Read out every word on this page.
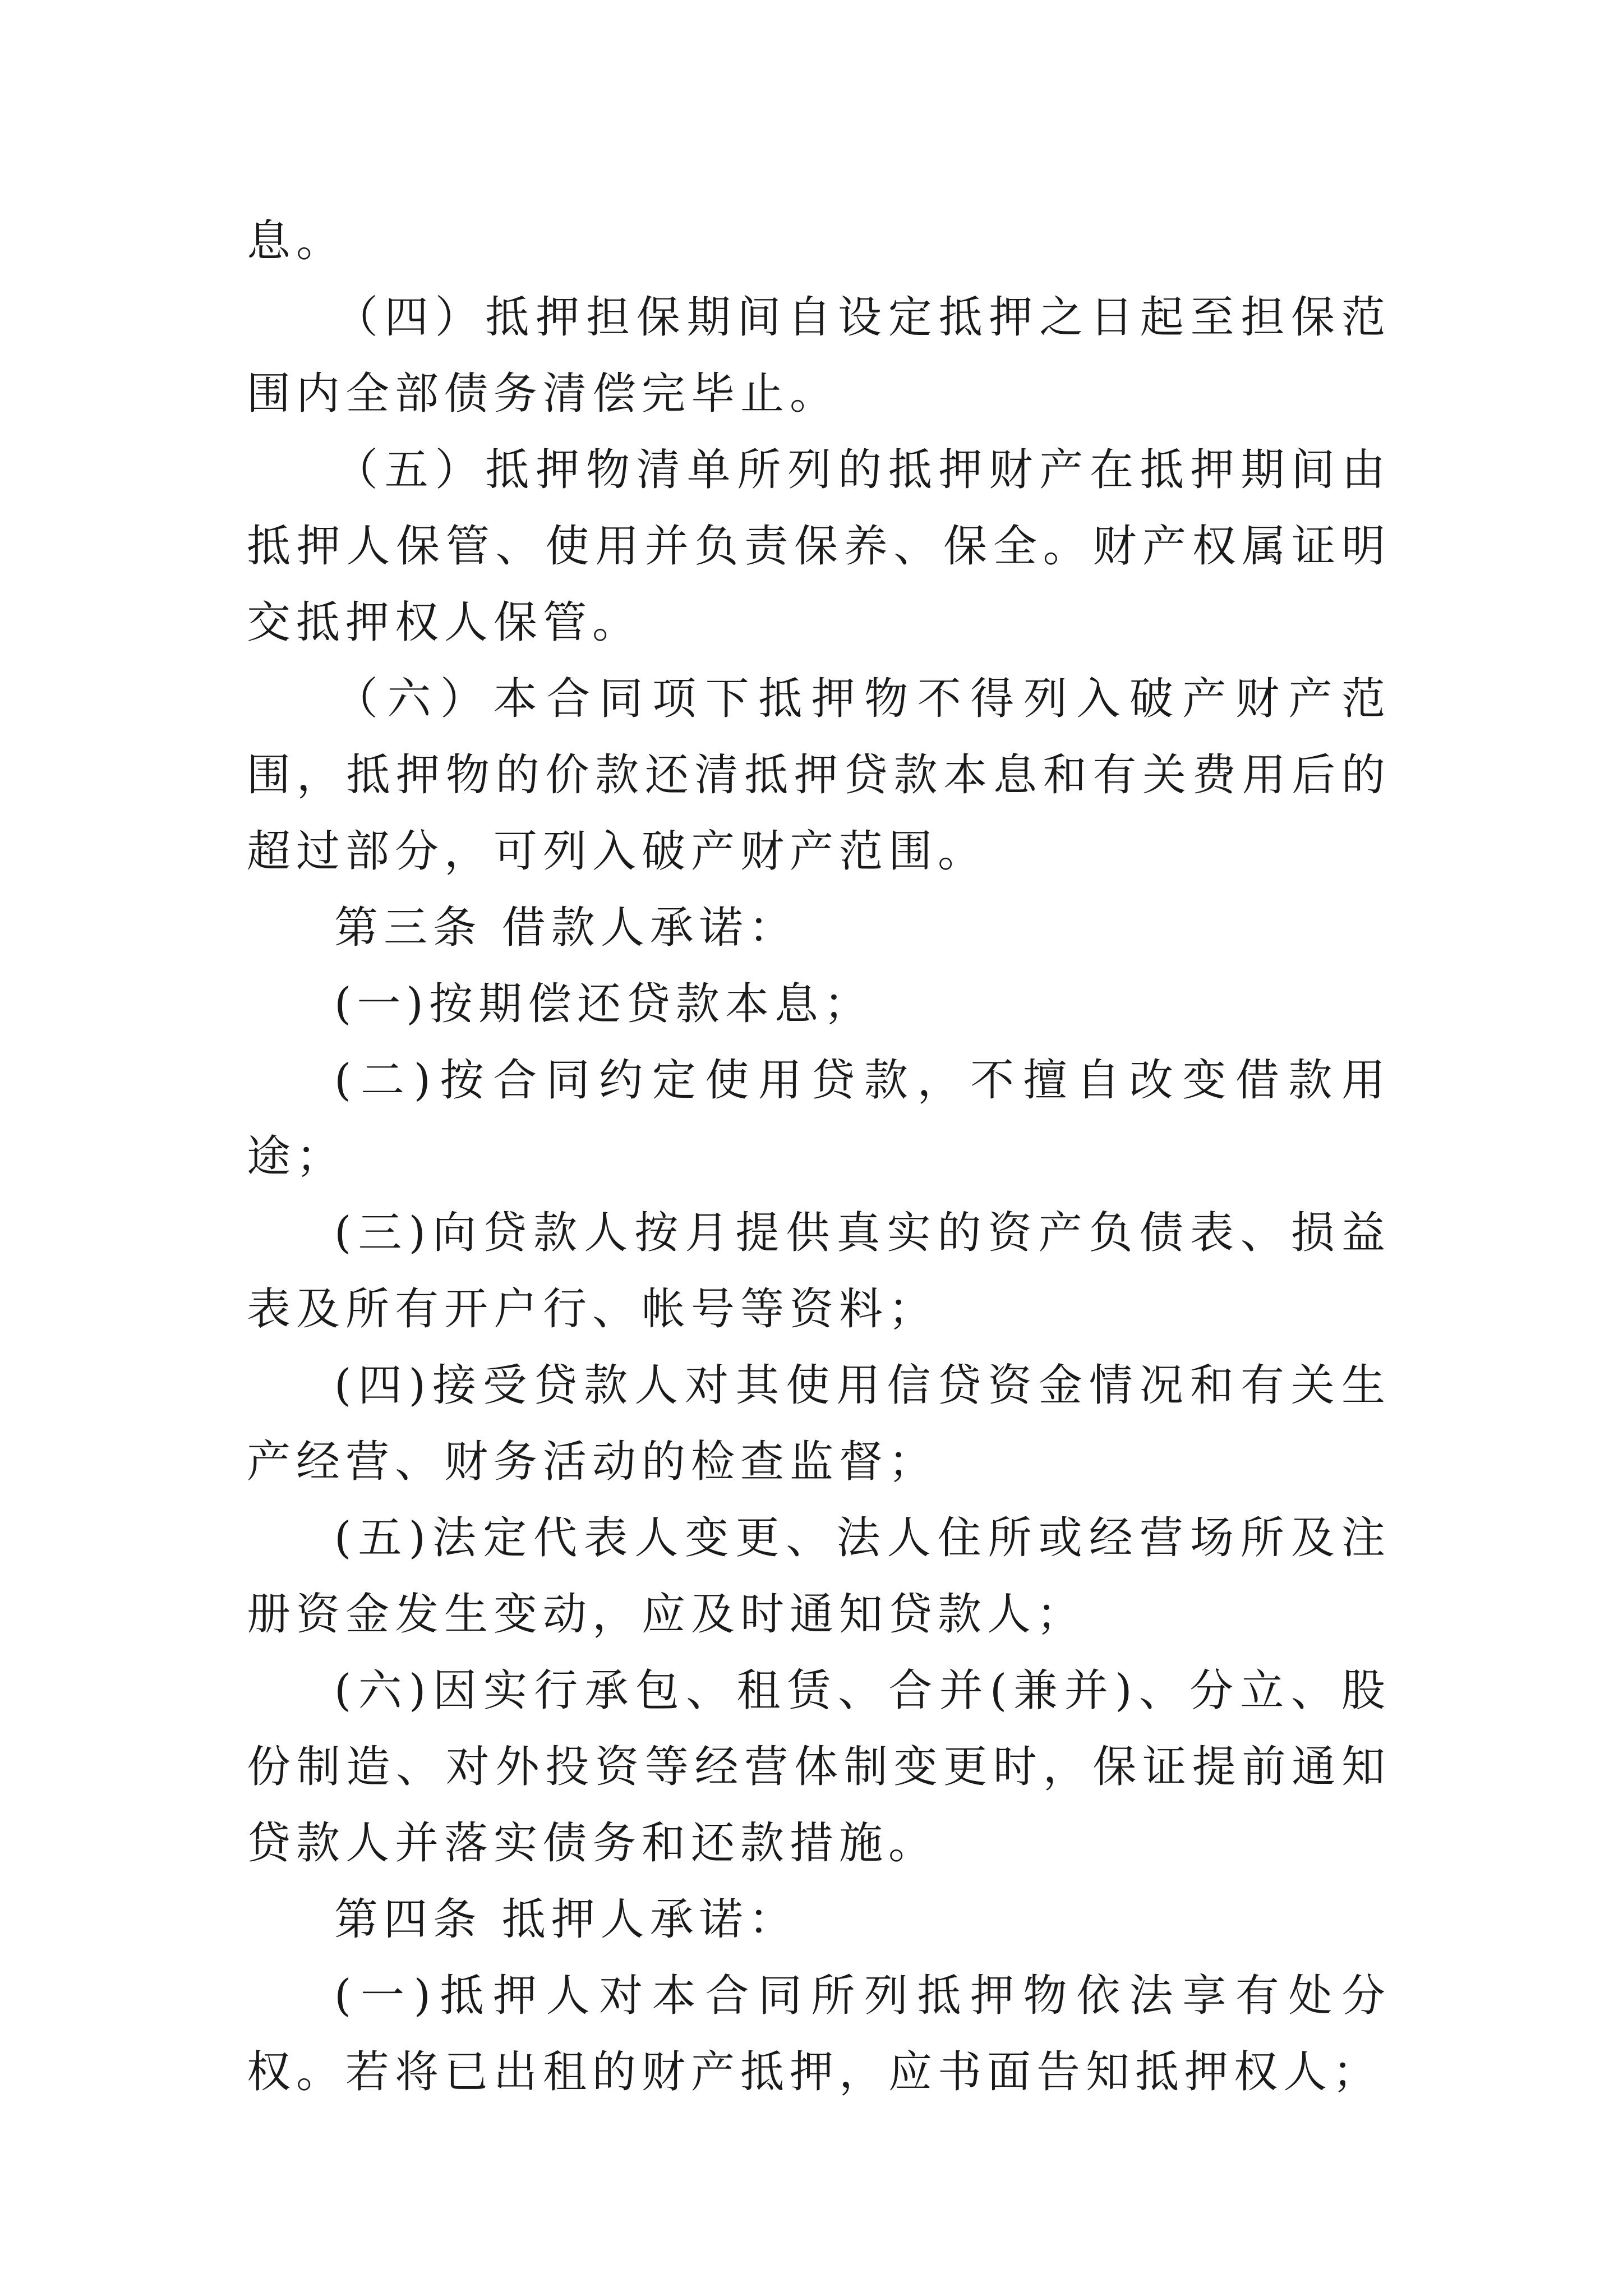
息。

（四）抵押担保期间自设定抵押之日起至担保范围内全部债务清偿完毕止。

（五）抵押物清单所列的抵押财产在抵押期间由抵押人保管、使用并负责保养、保全。财产权属证明交抵押权人保管。

（六）本合同项下抵押物不得列入破产财产范围，抵押物的价款还清抵押贷款本息和有关费用后的超过部分，可列入破产财产范围。

第三条 借款人承诺：

(一)按期偿还贷款本息；

(二)按合同约定使用贷款，不擅自改变借款用途；

(三)向贷款人按月提供真实的资产负债表、损益表及所有开户行、帐号等资料；

(四)接受贷款人对其使用信贷资金情况和有关生产经营、财务活动的检查监督；

(五)法定代表人变更、法人住所或经营场所及注册资金发生变动，应及时通知贷款人；

(六)因实行承包、租赁、合并(兼并)、分立、股份制造、对外投资等经营体制变更时，保证提前通知贷款人并落实债务和还款措施。

第四条 抵押人承诺：

(一)抵押人对本合同所列抵押物依法享有处分权。若将已出租的财产抵押，应书面告知抵押权人；
